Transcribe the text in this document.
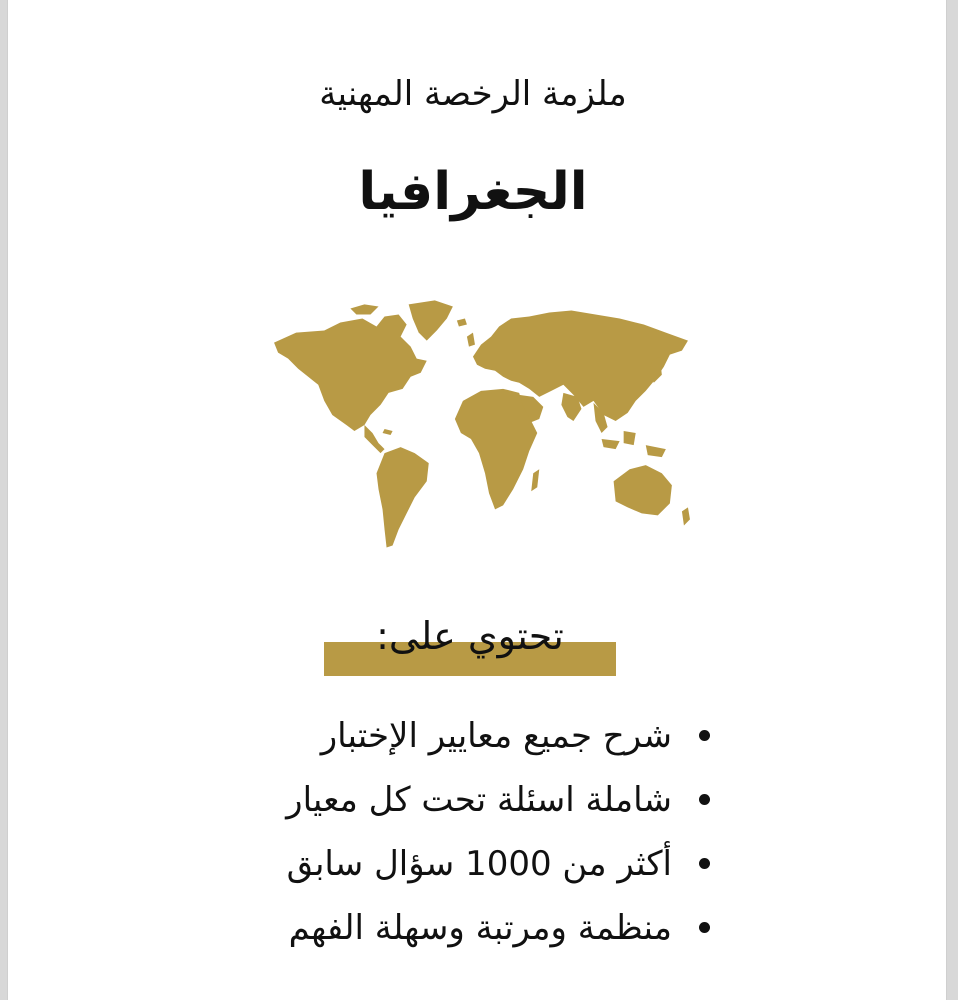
ملزمة الرخصة المهنية
الجغرافيا
تحتوي على:
شرح جميع معايير الإختبار
شاملة اسئلة تحت كل معيار
أكثر من 1000 سؤال سابق
منظمة ومرتبة وسهلة الفهم
